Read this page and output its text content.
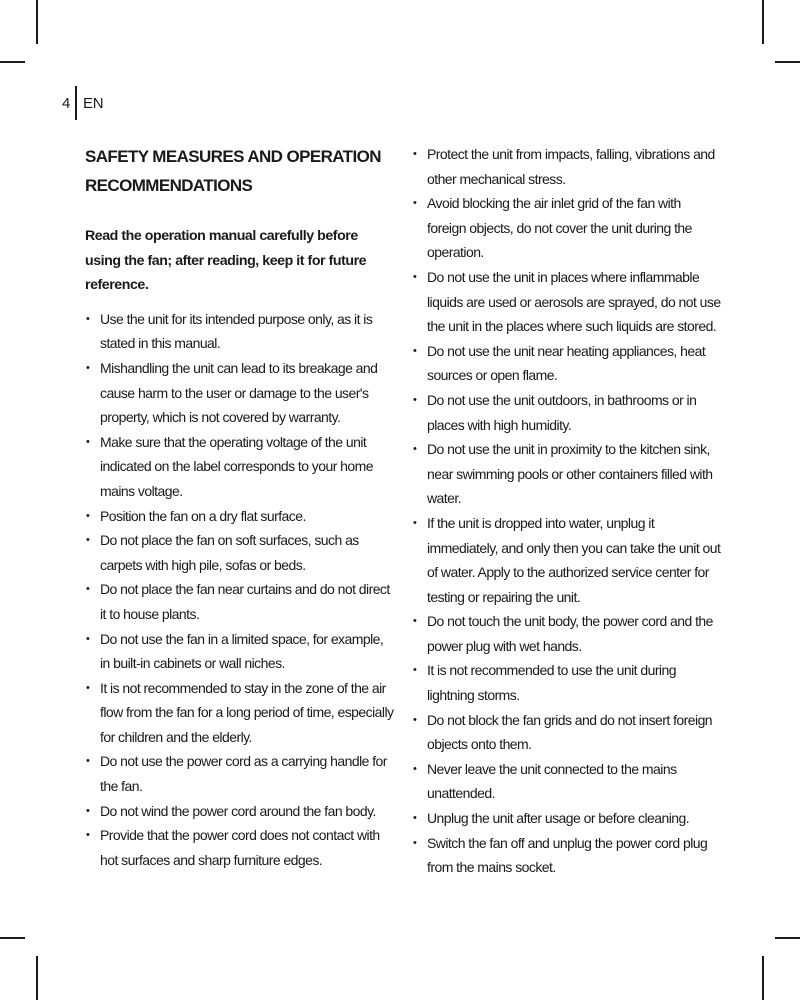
4 EN
SAFETY MEASURES AND OPERATION
RECOMMENDATIONS

Read the operation manual carefully before using the fan; after reading, keep it for future reference.

• Use the unit for its intended purpose only, as it is stated in this manual.
• Mishandling the unit can lead to its breakage and cause harm to the user or damage to the user's property, which is not covered by warranty.
• Make sure that the operating voltage of the unit indicated on the label corresponds to your home mains voltage.
• Position the fan on a dry flat surface.
• Do not place the fan on soft surfaces, such as carpets with high pile, sofas or beds.
• Do not place the fan near curtains and do not direct it to house plants.
• Do not use the fan in a limited space, for example, in built-in cabinets or wall niches.
• It is not recommended to stay in the zone of the air flow from the fan for a long period of time, especially for children and the elderly.
• Do not use the power cord as a carrying handle for the fan.
• Do not wind the power cord around the fan body.
• Provide that the power cord does not contact with hot surfaces and sharp furniture edges.
• Protect the unit from impacts, falling, vibrations and other mechanical stress.
• Avoid blocking the air inlet grid of the fan with foreign objects, do not cover the unit during the operation.
• Do not use the unit in places where inflammable liquids are used or aerosols are sprayed, do not use the unit in the places where such liquids are stored.
• Do not use the unit near heating appliances, heat sources or open flame.
• Do not use the unit outdoors, in bathrooms or in places with high humidity.
• Do not use the unit in proximity to the kitchen sink, near swimming pools or other containers filled with water.
• If the unit is dropped into water, unplug it immediately, and only then you can take the unit out of water. Apply to the authorized service center for testing or repairing the unit.
• Do not touch the unit body, the power cord and the power plug with wet hands.
• It is not recommended to use the unit during lightning storms.
• Do not block the fan grids and do not insert foreign objects onto them.
• Never leave the unit connected to the mains unattended.
• Unplug the unit after usage or before cleaning.
• Switch the fan off and unplug the power cord plug from the mains socket.
